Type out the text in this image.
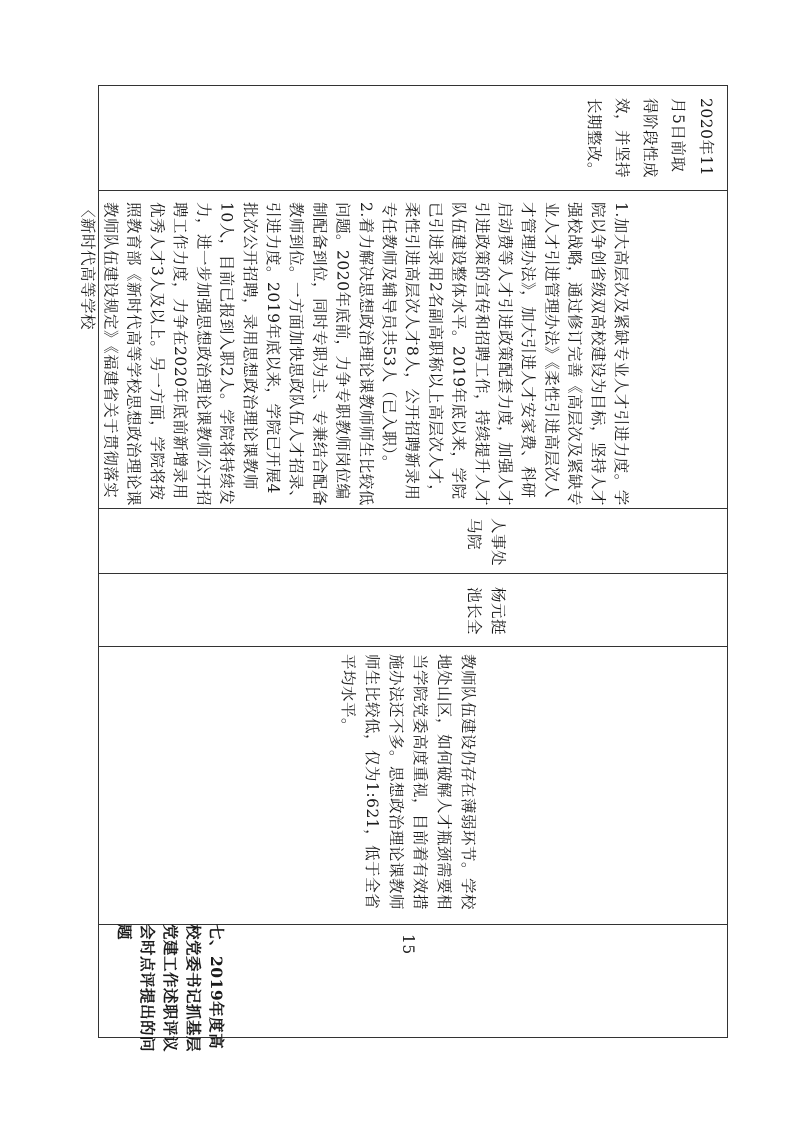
2020年11月5日前取得阶段性成效，并坚持长期整改。
1.加大高层次及紧缺专业人才引进力度。学院以争创省级双高校建设为目标，坚持人才强校战略，通过修订完善《高层次及紧缺专业人才引进管理办法》《柔性引进高层次人才管理办法》，加大引进人才安家费、科研启动费等人才引进政策配套力度，加强人才引进政策的宣传和招聘工作，持续提升人才队伍建设整体水平。2019年底以来，学院已引进录用2名副高职称以上高层次人才，柔性引进高层次人才8人，公开招聘新录用专任教师及辅导员共53人（已入职）。
2.着力解决思想政治理论课教师师生比较低问题。2020年底前，力争专职教师岗位编制配备到位，同时专职为主、专兼结合配备教师到位。一方面加快思政队伍人才招录、引进力度。2019年底以来，学院已开展4批次公开招聘，录用思想政治理论课教师10人，目前已报到入职2人。学院将持续发力，进一步加强思想政治理论课教师公开招聘工作力度，力争在2020年底前新增录用优秀人才3人及以上。另一方面，学院将按照教育部《新时代高等学校思想政治理论课教师队伍建设规定》《福建省关于贯彻落实〈新时代高等学校
人事处 马院
杨元挺 池长全
教师队伍建设仍存在薄弱环节。学校地处山区，如何破解人才瓶颈需要相当学院党委高度重视，目前着有效措施办法还不多。思想政治理论课教师师生比较低，仅为1:621，低于全省平均水平。
15
七、2019年度高校党委书记抓基层党建工作述职评议会时点评提出的问题
